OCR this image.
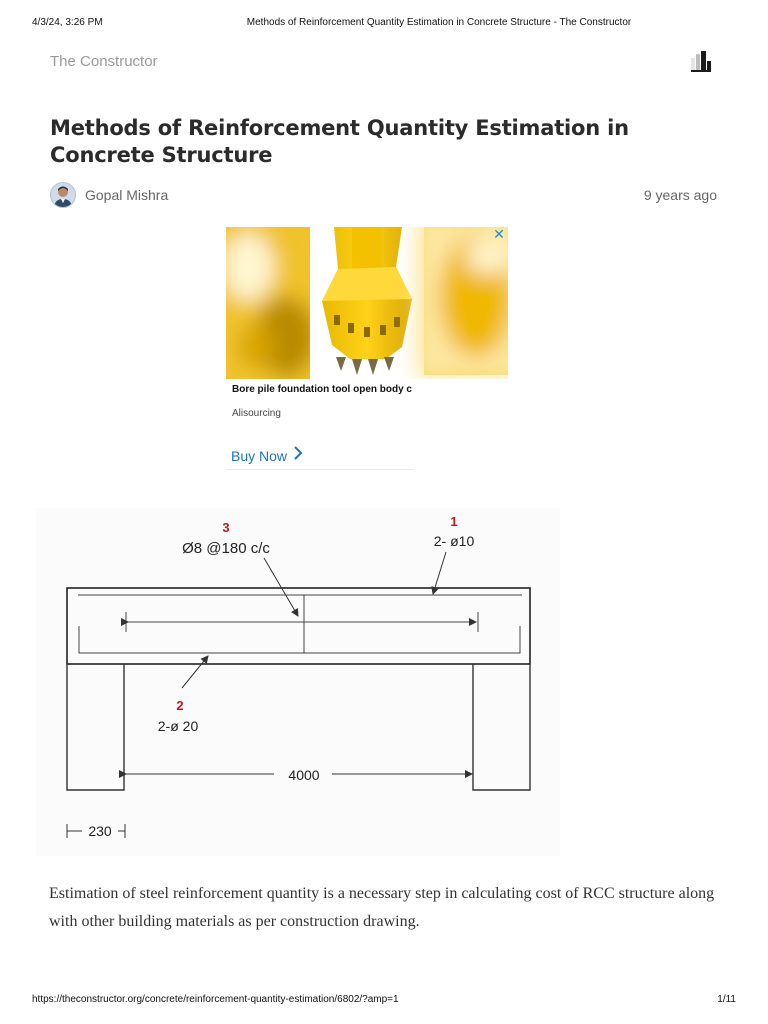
4/3/24, 3:26 PM	Methods of Reinforcement Quantity Estimation in Concrete Structure - The Constructor
The Constructor
Methods of Reinforcement Quantity Estimation in Concrete Structure
Gopal Mishra	9 years ago
✕
Bore pile foundation tool open body c
Alisourcing
Buy Now
3
Ø8 @180 c/c
1
2- ø10
2
2-ø 20
4000
230

Estimation of steel reinforcement quantity is a necessary step in calculating cost of RCC structure along with other building materials as per construction drawing.

https://theconstructor.org/concrete/reinforcement-quantity-estimation/6802/?amp=1	1/11
